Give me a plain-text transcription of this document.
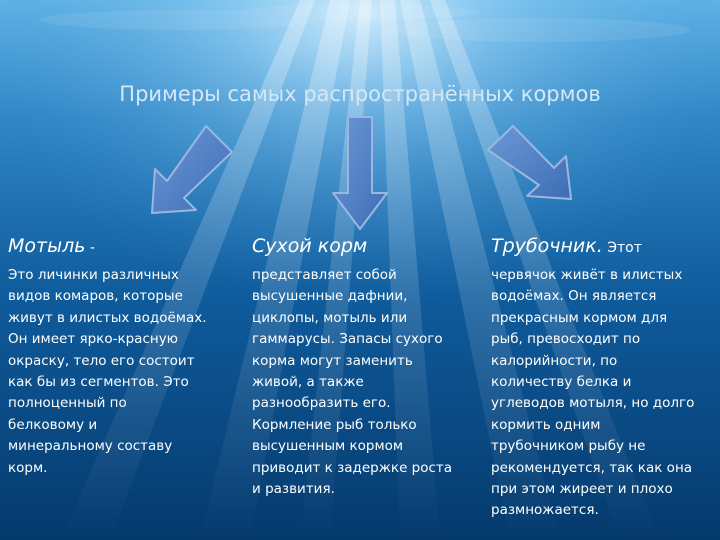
Примеры самых распространённых кормов
Мотыль -
Это личинки различных
видов комаров, которые
живут в илистых водоёмах.
Он имеет ярко-красную
окраску, тело его состоит
как бы из сегментов. Это
полноценный по
белковому и
минеральному составу
корм.
Сухой корм
представляет собой
высушенные дафнии,
циклопы, мотыль или
гаммарусы. Запасы сухого
корма могут заменить
живой, а также
разнообразить его.
Кормление рыб только
высушенным кормом
приводит к задержке роста
и развития.
Трубочник. Этот
червячок живёт в илистых
водоёмах. Он является
прекрасным кормом для
рыб, превосходит по
калорийности, по
количеству белка и
углеводов мотыля, но долго
кормить одним
трубочником рыбу не
рекомендуется, так как она
при этом жиреет и плохо
размножается.
